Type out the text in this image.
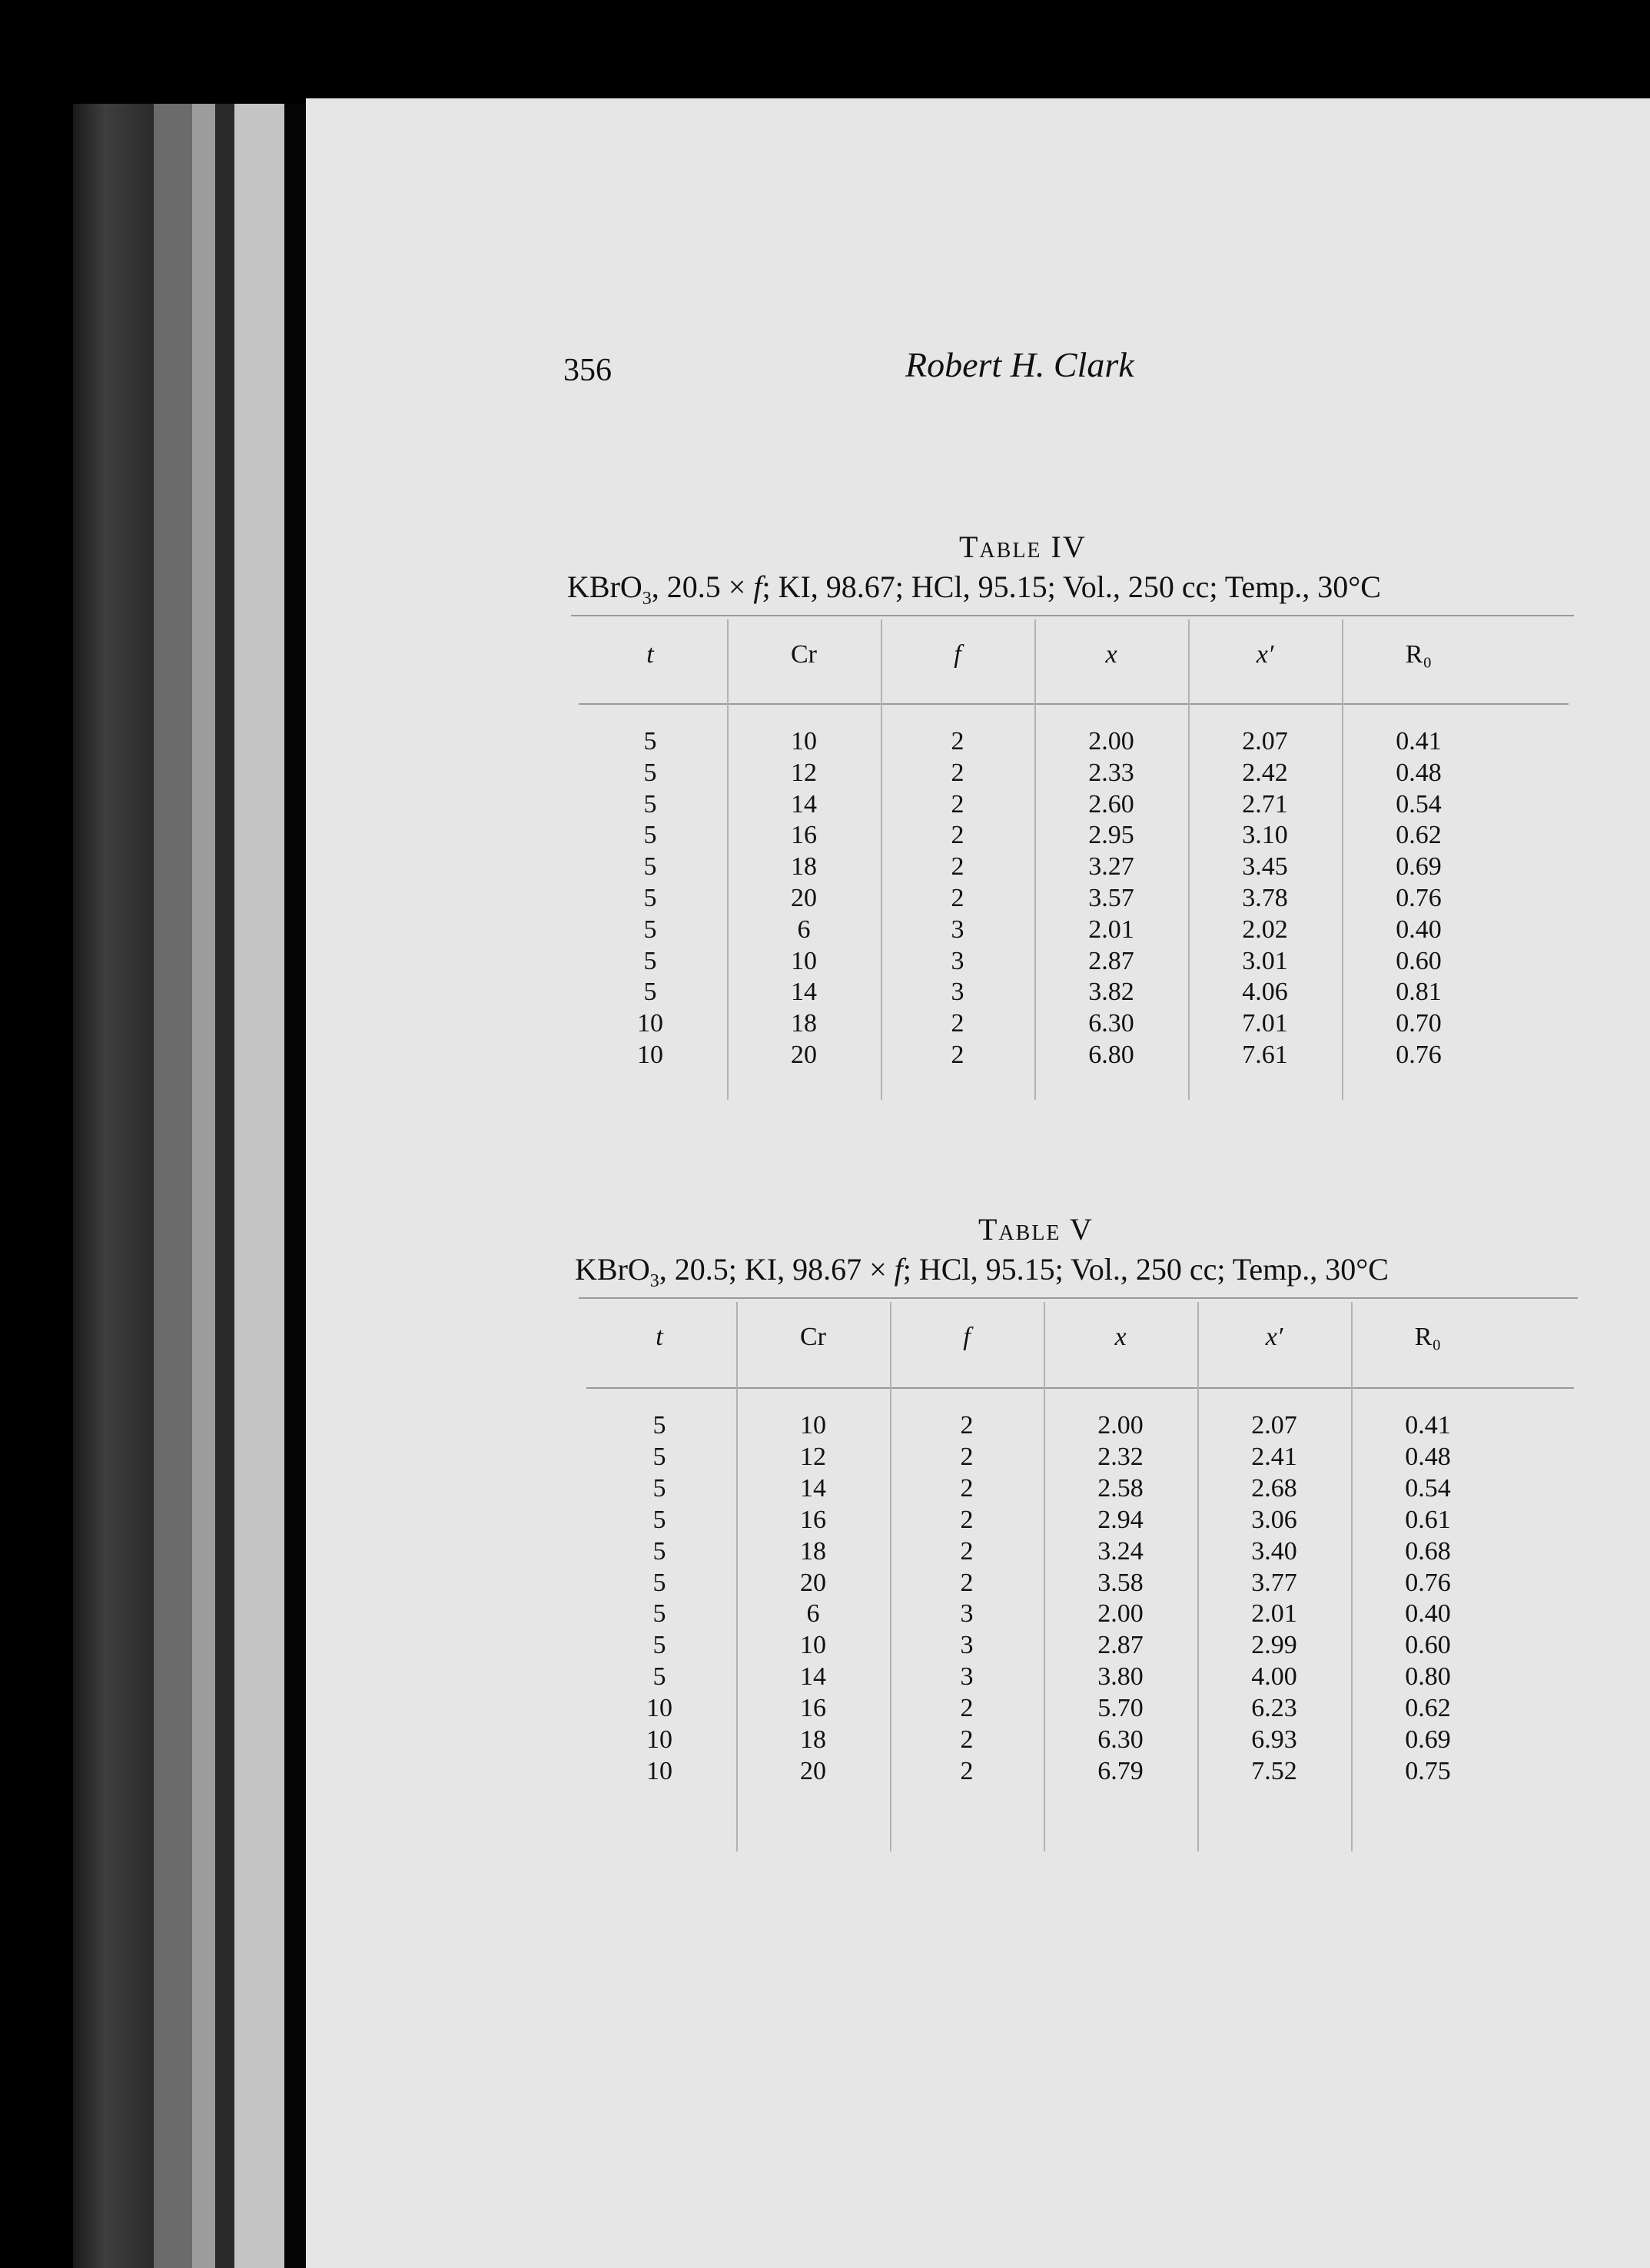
356	Robert H. Clark
Table IV
KBrO$_3$, 20.5 × f; KI, 98.67; HCl, 95.15; Vol., 250 cc; Temp., 30°C
t	Cr	f	x	x′	R₀
5	10	2	2.00	2.07	0.41
5	12	2	2.33	2.42	0.48
5	14	2	2.60	2.71	0.54
5	16	2	2.95	3.10	0.62
5	18	2	3.27	3.45	0.69
5	20	2	3.57	3.78	0.76
5	6	3	2.01	2.02	0.40
5	10	3	2.87	3.01	0.60
5	14	3	3.82	4.06	0.81
10	18	2	6.30	7.01	0.70
10	20	2	6.80	7.61	0.76
Table V
KBrO$_3$, 20.5; KI, 98.67 × f; HCl, 95.15; Vol., 250 cc; Temp., 30°C
t	Cr	f	x	x′	R₀
5	10	2	2.00	2.07	0.41
5	12	2	2.32	2.41	0.48
5	14	2	2.58	2.68	0.54
5	16	2	2.94	3.06	0.61
5	18	2	3.24	3.40	0.68
5	20	2	3.58	3.77	0.76
5	6	3	2.00	2.01	0.40
5	10	3	2.87	2.99	0.60
5	14	3	3.80	4.00	0.80
10	16	2	5.70	6.23	0.62
10	18	2	6.30	6.93	0.69
10	20	2	6.79	7.52	0.75
